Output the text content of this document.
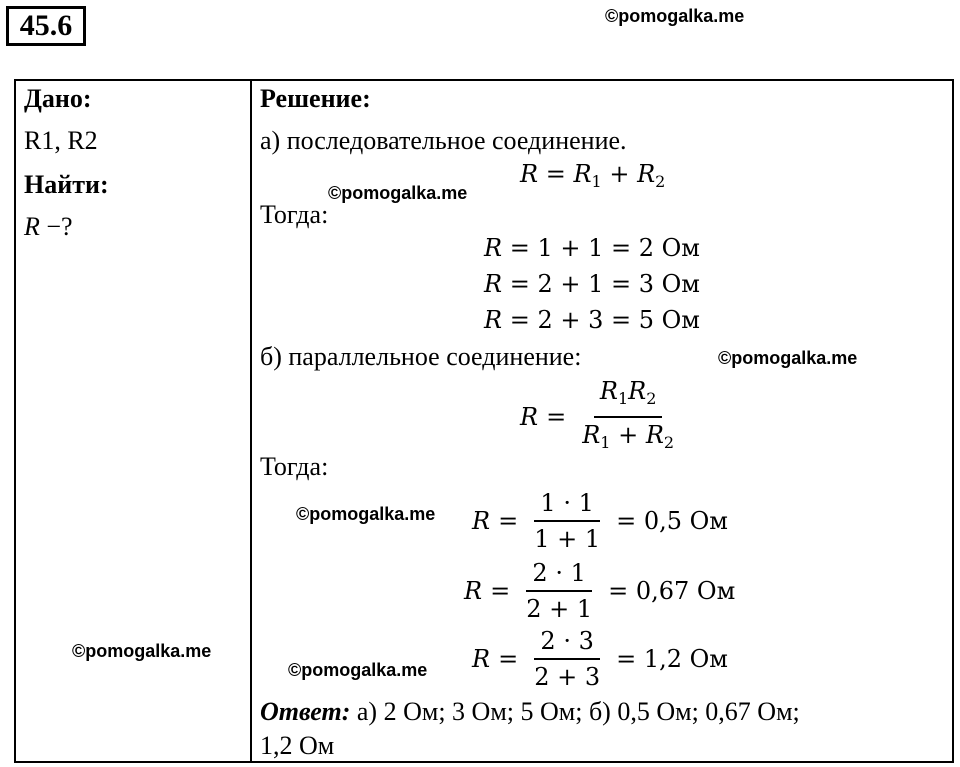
45.6	©pomogalka.me
Дано:
R1, R2
Найти:
R −?
©pomogalka.me
Решение:
а) последовательное соединение.
$R = R_1 + R_2$
©pomogalka.me
Тогда:
R = 1 + 1 = 2 Ом
R = 2 + 1 = 3 Ом
R = 2 + 3 = 5 Ом
б) параллельное соединение:	©pomogalka.me
$R = \frac{R_1R_2}{R_1 + R_2}$
Тогда:
©pomogalka.me $R = \frac{1 \cdot 1}{1 + 1} = 0,5$ Ом
$R = \frac{2 \cdot 1}{2 + 1} = 0,67$ Ом
$R = \frac{2 \cdot 3}{2 + 3} = 1,2$ Ом
©pomogalka.me
Ответ: а) 2 Ом; 3 Ом; 5 Ом; б) 0,5 Ом; 0,67 Ом;
1,2 Ом
